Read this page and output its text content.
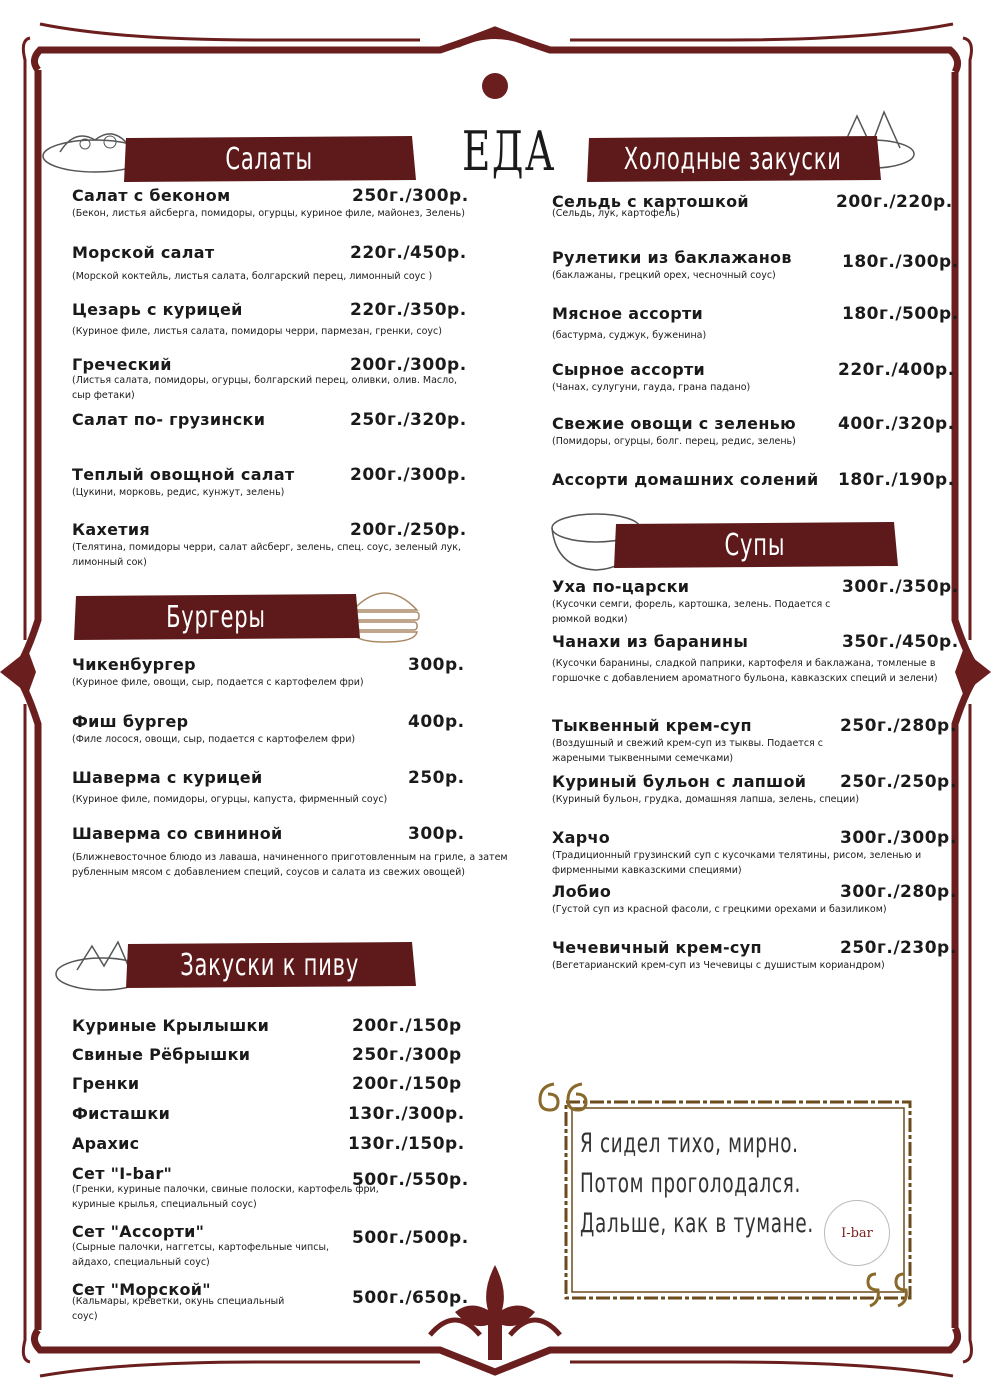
ЕДА
Салаты	Холодные закуски
Бургеры
Супы
Закуски к пиву
Салат с беконом	250г./300р.
(Бекон, листья айсберга, помидоры, огурцы, куриное филе, майонез, Зелень)
Морской салат	220г./450р.
(Морской коктейль, листья салата, болгарский перец, лимонный соус )
Цезарь с курицей	220г./350р.
(Куриное филе, листья салата, помидоры черри, пармезан, гренки, соус)
Греческий	200г./300р.
(Листья салата, помидоры, огурцы, болгарский перец, оливки, олив. Масло, сыр фетаки)
Салат по- грузински	250г./320р.
Теплый овощной салат	200г./300р.
(Цукини, морковь, редис, кунжут, зелень)
Кахетия	200г./250р.
(Телятина, помидоры черри, салат айсберг, зелень, спец. соус, зеленый лук, лимонный сок)
Чикенбургер	300р.
(Куриное филе, овощи, сыр, подается с картофелем фри)
Фиш бургер	400р.
(Филе лосося, овощи, сыр, подается с картофелем фри)
Шаверма с курицей	250р.
(Куриное филе, помидоры, огурцы, капуста, фирменный соус)
Шаверма со свининой	300р.
(Ближневосточное блюдо из лаваша, начиненного приготовленным на гриле, а затем рубленным мясом с добавлением специй, соусов и салата из свежих овощей)
Куриные Крылышки	200г./150р
Свиные Рёбрышки	250г./300р
Гренки	200г./150р
Фисташки	130г./300р.
Арахис	130г./150р.
Сет "I-bar"	500г./550р.
(Гренки, куриные палочки, свиные полоски, картофель фри, куриные крылья, специальный соус)
Сет "Ассорти"	500г./500р.
(Сырные палочки, наггетсы, картофельные чипсы, айдахо, специальный соус)
Сет "Морской"	500г./650р.
(Кальмары, креветки, окунь специальный соус)
Сельдь с картошкой	200г./220р.
(Сельдь, лук, картофель)
Рулетики из баклажанов	180г./300р.
(баклажаны, грецкий орех, чесночный соус)
Мясное ассорти	180г./500р.
(бастурма, суджук, буженина)
Сырное ассорти	220г./400р.
(Чанах, сулугуни, гауда, грана падано)
Свежие овощи с зеленью 400г./320р.
(Помидоры, огурцы, болг. перец, редис, зелень)
Ассорти домашних солений 180г./190р.
Уха по-царски	300г./350р.
(Кусочки семги, форель, картошка, зелень. Подается с рюмкой водки)
Чанахи из баранины	350г./450р.
(Кусочки баранины, сладкой паприки, картофеля и баклажана, томленые в горшочке с добавлением ароматного бульона, кавказских специй и зелени)
Тыквенный крем-суп	250г./280р.
(Воздушный и свежий крем-суп из тыквы. Подается с жареными тыквенными семечками)
Куриный бульон с лапшой 250г./250р.
(Куриный бульон, грудка, домашняя лапша, зелень, специи)
Харчо	300г./300р.
(Традиционный грузинский суп с кусочками телятины, рисом, зеленью и фирменными кавказскими специями)
Лобио	300г./280р.
(Густой суп из красной фасоли, с грецкими орехами и базиликом)
Чечевичный крем-суп	250г./230р.
(Вегетарианский крем-суп из Чечевицы с душистым кориандром)
Я сидел тихо, мирно.
Потом проголодался.
Дальше, как в тумане.	I-bar
